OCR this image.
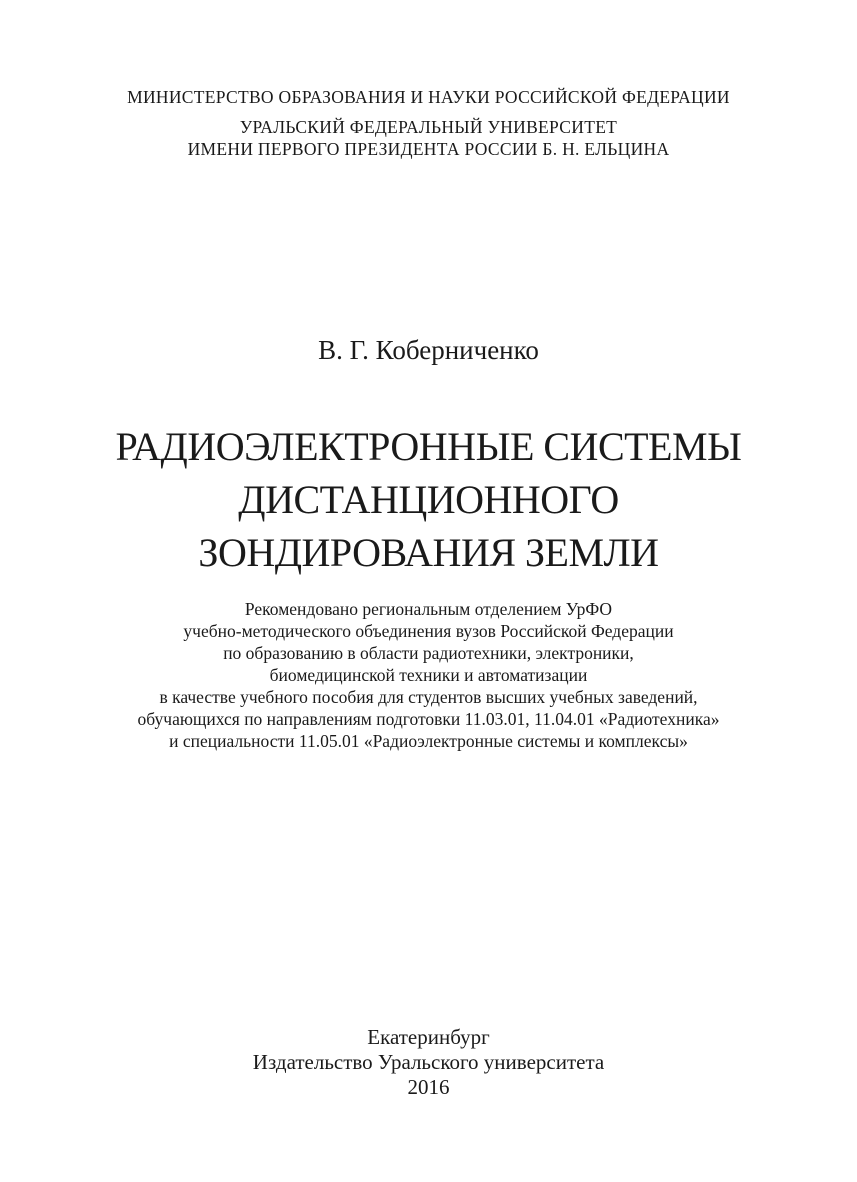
МИНИСТЕРСТВО ОБРАЗОВАНИЯ И НАУКИ РОССИЙСКОЙ ФЕДЕРАЦИИ
УРАЛЬСКИЙ ФЕДЕРАЛЬНЫЙ УНИВЕРСИТЕТ
ИМЕНИ ПЕРВОГО ПРЕЗИДЕНТА РОССИИ Б. Н. ЕЛЬЦИНА
В. Г. Коберниченко
РАДИОЭЛЕКТРОННЫЕ СИСТЕМЫ
ДИСТАНЦИОННОГО
ЗОНДИРОВАНИЯ ЗЕМЛИ
Рекомендовано региональным отделением УрФО
учебно-методического объединения вузов Российской Федерации
по образованию в области радиотехники, электроники,
биомедицинской техники и автоматизации
в качестве учебного пособия для студентов высших учебных заведений,
обучающихся по направлениям подготовки 11.03.01, 11.04.01 «Радиотехника»
и специальности 11.05.01 «Радиоэлектронные системы и комплексы»
Екатеринбург
Издательство Уральского университета
2016
